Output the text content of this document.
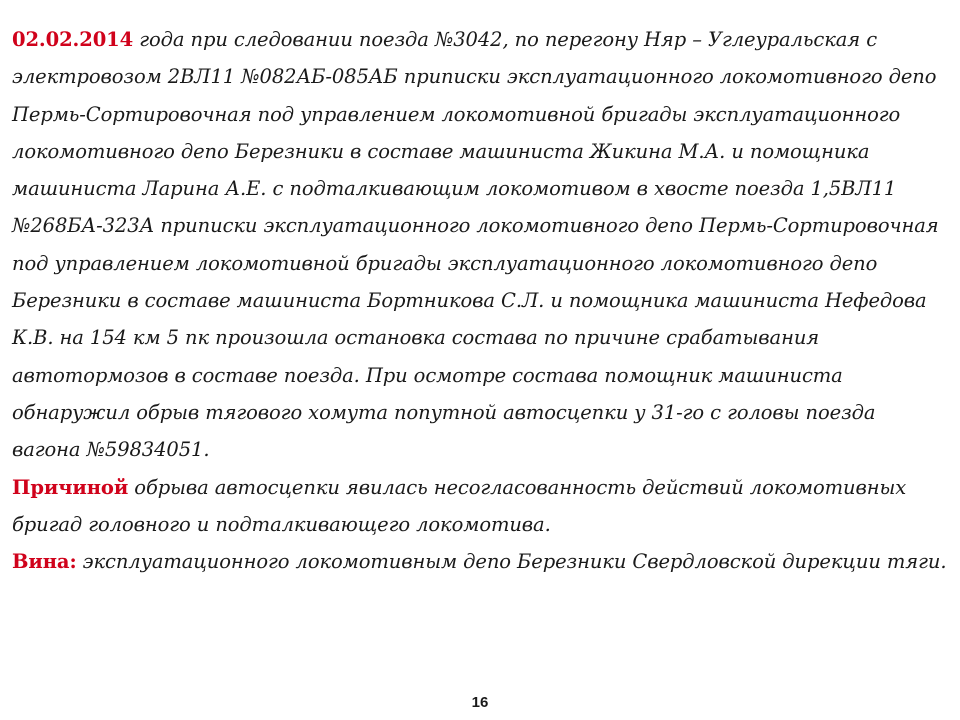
02.02.2014 года при следовании поезда №3042, по перегону Няр – Углеуральская с электровозом 2ВЛ11 №082АБ-085АБ приписки эксплуатационного локомотивного депо Пермь-Сортировочная под управлением локомотивной бригады эксплуатационного локомотивного депо Березники в составе машиниста Жикина М.А. и помощника машиниста Ларина А.Е. с подталкивающим локомотивом в хвосте поезда 1,5ВЛ11 №268БА-323А приписки эксплуатационного локомотивного депо Пермь-Сортировочная под управлением локомотивной бригады эксплуатационного локомотивного депо Березники в составе машиниста Бортникова С.Л. и помощника машиниста Нефедова К.В. на 154 км 5 пк произошла остановка состава по причине срабатывания автотормозов в составе поезда. При осмотре состава помощник машиниста обнаружил обрыв тягового хомута попутной автосцепки у 31-го с головы поезда вагона №59834051.

Причиной обрыва автосцепки явилась несогласованность действий локомотивных бригад головного и подталкивающего локомотива.

Вина: эксплуатационного локомотивным депо Березники Свердловской дирекции тяги.

16
